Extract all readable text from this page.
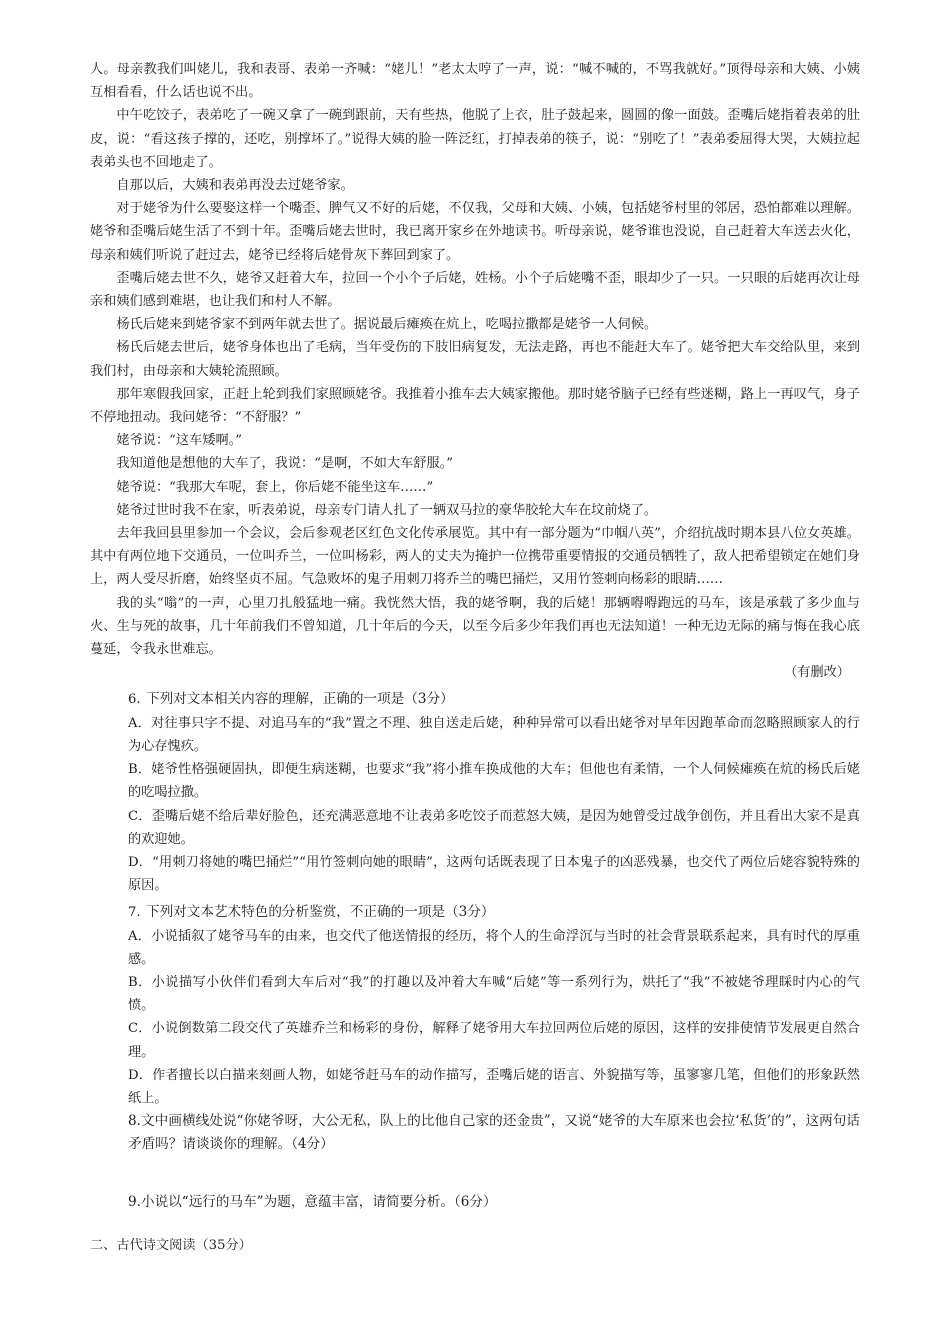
人。母亲教我们叫姥儿，我和表哥、表弟一齐喊：“姥儿！”老太太哼了一声，说：“喊不喊的，不骂我就好。”顶得母亲和大姨、小姨互相看看，什么话也说不出。

中午吃饺子，表弟吃了一碗又拿了一碗到跟前，天有些热，他脱了上衣，肚子鼓起来，圆圆的像一面鼓。歪嘴后姥指着表弟的肚皮，说：“看这孩子撑的，还吃，别撑坏了。”说得大姨的脸一阵泛红，打掉表弟的筷子，说：“别吃了！”表弟委屈得大哭，大姨拉起表弟头也不回地走了。

自那以后，大姨和表弟再没去过姥爷家。

对于姥爷为什么要娶这样一个嘴歪、脾气又不好的后姥，不仅我，父母和大姨、小姨，包括姥爷村里的邻居，恐怕都难以理解。姥爷和歪嘴后姥生活了不到十年。歪嘴后姥去世时，我已离开家乡在外地读书。听母亲说，姥爷谁也没说，自己赶着大车送去火化，母亲和姨们听说了赶过去，姥爷已经将后姥骨灰下葬回到家了。

歪嘴后姥去世不久，姥爷又赶着大车，拉回一个小个子后姥，姓杨。小个子后姥嘴不歪，眼却少了一只。一只眼的后姥再次让母亲和姨们感到难堪，也让我们和村人不解。

杨氏后姥来到姥爷家不到两年就去世了。据说最后瘫痪在炕上，吃喝拉撒都是姥爷一人伺候。

杨氏后姥去世后，姥爷身体也出了毛病，当年受伤的下肢旧病复发，无法走路，再也不能赶大车了。姥爷把大车交给队里，来到我们村，由母亲和大姨轮流照顾。

那年寒假我回家，正赶上轮到我们家照顾姥爷。我推着小推车去大姨家搬他。那时姥爷脑子已经有些迷糊，路上一再叹气，身子不停地扭动。我问姥爷：“不舒服？”

姥爷说：“这车矮啊。”

我知道他是想他的大车了，我说：“是啊，不如大车舒服。”

姥爷说：“我那大车呢，套上，你后姥不能坐这车……”

姥爷过世时我不在家，听表弟说，母亲专门请人扎了一辆双马拉的豪华胶轮大车在坟前烧了。

去年我回县里参加一个会议，会后参观老区红色文化传承展览。其中有一部分题为“巾帼八英”，介绍抗战时期本县八位女英雄。其中有两位地下交通员，一位叫乔兰，一位叫杨彩，两人的丈夫为掩护一位携带重要情报的交通员牺牲了，敌人把希望锁定在她们身上，两人受尽折磨，始终坚贞不屈。气急败坏的鬼子用刺刀将乔兰的嘴巴捅烂，又用竹签刺向杨彩的眼睛……

我的头“嗡”的一声，心里刀扎般猛地一痛。我恍然大悟，我的姥爷啊，我的后姥！那辆嘚嘚跑远的马车，该是承载了多少血与火、生与死的故事，几十年前我们不曾知道，几十年后的今天，以至今后多少年我们再也无法知道！一种无边无际的痛与悔在我心底蔓延，令我永世难忘。

（有删改）

6. 下列对文本相关内容的理解，正确的一项是（3分）

A．对往事只字不提、对追马车的“我”置之不理、独自送走后姥，种种异常可以看出姥爷对早年因跑革命而忽略照顾家人的行为心存愧疚。

B．姥爷性格强硬固执，即便生病迷糊，也要求“我”将小推车换成他的大车；但他也有柔情，一个人伺候瘫痪在炕的杨氏后姥的吃喝拉撒。

C．歪嘴后姥不给后辈好脸色，还充满恶意地不让表弟多吃饺子而惹怒大姨，是因为她曾受过战争创伤，并且看出大家不是真的欢迎她。

D．“用刺刀将她的嘴巴捅烂”“用竹签刺向她的眼睛”，这两句话既表现了日本鬼子的凶恶残暴，也交代了两位后姥容貌特殊的原因。

7. 下列对文本艺术特色的分析鉴赏，不正确的一项是（3分）

A．小说插叙了姥爷马车的由来，也交代了他送情报的经历，将个人的生命浮沉与当时的社会背景联系起来，具有时代的厚重感。

B．小说描写小伙伴们看到大车后对“我”的打趣以及冲着大车喊“后姥”等一系列行为，烘托了“我”不被姥爷理睬时内心的气愤。

C．小说倒数第二段交代了英雄乔兰和杨彩的身份，解释了姥爷用大车拉回两位后姥的原因，这样的安排使情节发展更自然合理。

D．作者擅长以白描来刻画人物，如姥爷赶马车的动作描写，歪嘴后姥的语言、外貌描写等，虽寥寥几笔，但他们的形象跃然纸上。

8.文中画横线处说“你姥爷呀，大公无私，队上的比他自己家的还金贵”，又说“姥爷的大车原来也会拉‘私货’的”，这两句话矛盾吗？请谈谈你的理解。（4分）

9.小说以“远行的马车”为题，意蕴丰富，请简要分析。（6分）

二、古代诗文阅读（35分）
